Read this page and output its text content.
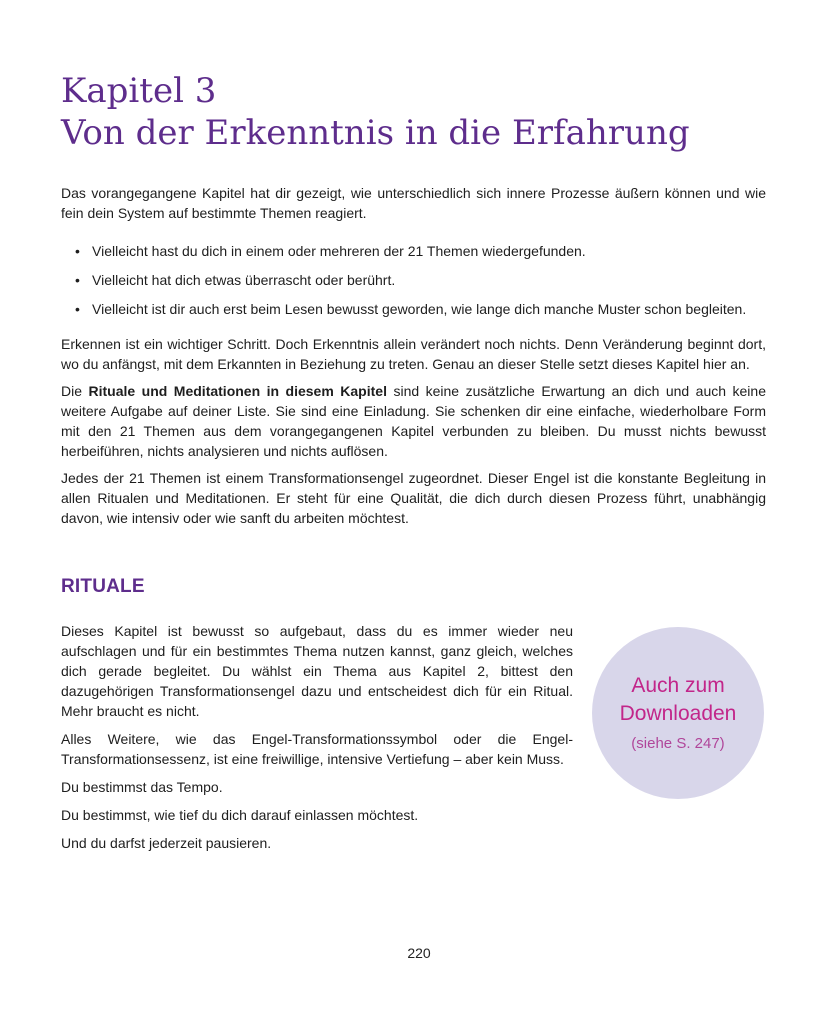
Kapitel 3
Von der Erkenntnis in die Erfahrung

Das vorangegangene Kapitel hat dir gezeigt, wie unterschiedlich sich innere Prozesse äußern können und wie fein dein System auf bestimmte Themen reagiert.

• Vielleicht hast du dich in einem oder mehreren der 21 Themen wiedergefunden.
• Vielleicht hat dich etwas überrascht oder berührt.
• Vielleicht ist dir auch erst beim Lesen bewusst geworden, wie lange dich manche Muster schon begleiten.

Erkennen ist ein wichtiger Schritt. Doch Erkenntnis allein verändert noch nichts. Denn Veränderung beginnt dort, wo du anfängst, mit dem Erkannten in Beziehung zu treten. Genau an dieser Stelle setzt dieses Kapitel hier an.

Die Rituale und Meditationen in diesem Kapitel sind keine zusätzliche Erwartung an dich und auch keine weitere Aufgabe auf deiner Liste. Sie sind eine Einladung. Sie schenken dir eine einfache, wiederholbare Form mit den 21 Themen aus dem vorangegangenen Kapitel verbunden zu bleiben. Du musst nichts bewusst herbeiführen, nichts analysieren und nichts auflösen.

Jedes der 21 Themen ist einem Transformationsengel zugeordnet. Dieser Engel ist die konstante Begleitung in allen Ritualen und Meditationen. Er steht für eine Qualität, die dich durch diesen Prozess führt, unabhängig davon, wie intensiv oder wie sanft du arbeiten möchtest.

RITUALE

Dieses Kapitel ist bewusst so aufgebaut, dass du es immer wieder neu aufschlagen und für ein bestimmtes Thema nutzen kannst, ganz gleich, welches dich gerade begleitet. Du wählst ein Thema aus Kapitel 2, bittest den dazugehörigen Transformationsengel dazu und entscheidest dich für ein Ritual. Mehr braucht es nicht.

Alles Weitere, wie das Engel-Transformationssymbol oder die Engel-Transformationsessenz, ist eine freiwillige, intensive Vertiefung – aber kein Muss.

Du bestimmst das Tempo.

Du bestimmst, wie tief du dich darauf einlassen möchtest.

Und du darfst jederzeit pausieren.

Auch zum
Downloaden
(siehe S. 247)
220
